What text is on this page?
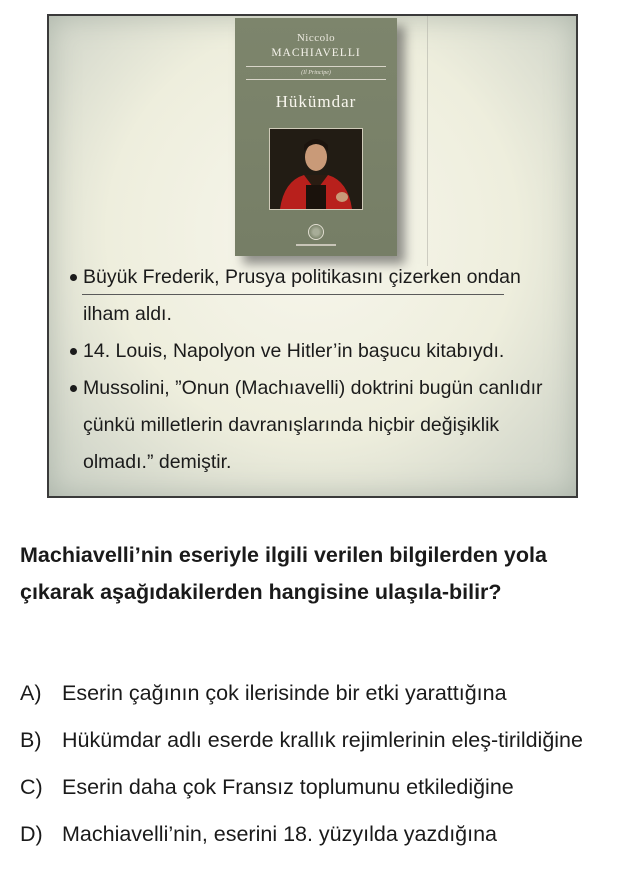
Niccolo
MACHIAVELLI
(Il Principe)
Hükümdar
Büyük Frederik, Prusya politikasını çizerken ondan ilham aldı.
14. Louis, Napolyon ve Hitler’in başucu kitabıydı.
Mussolini, ”Onun (Machıavelli) doktrini bugün canlıdır çünkü milletlerin davranışlarında hiçbir değişiklik olmadı.” demiştir.

Machiavelli’nin eseriyle ilgili verilen bilgilerden yola çıkarak aşağıdakilerden hangisine ulaşıla-bilir?

A) Eserin çağının çok ilerisinde bir etki yarattığına
B) Hükümdar adlı eserde krallık rejimlerinin eleş-tirildiğine
C) Eserin daha çok Fransız toplumunu etkilediğine
D) Machiavelli’nin, eserini 18. yüzyılda yazdığına
